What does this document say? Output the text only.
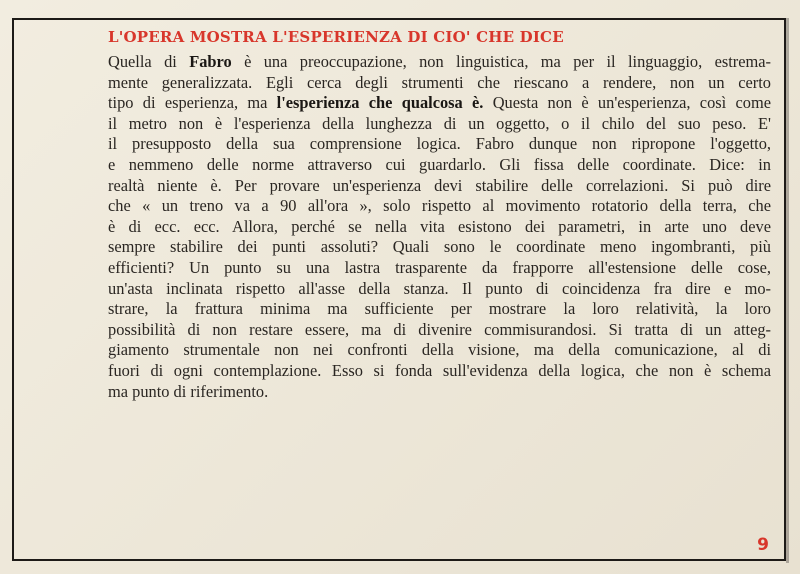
L'OPERA MOSTRA L'ESPERIENZA DI CIO' CHE DICE
Quella di Fabro è una preoccupazione, non linguistica, ma per il linguaggio, estrema-
mente generalizzata. Egli cerca degli strumenti che riescano a rendere, non un certo
tipo di esperienza, ma l'esperienza che qualcosa è. Questa non è un'esperienza, così come
il metro non è l'esperienza della lunghezza di un oggetto, o il chilo del suo peso. E'
il presupposto della sua comprensione logica. Fabro dunque non ripropone l'oggetto,
e nemmeno delle norme attraverso cui guardarlo. Gli fissa delle coordinate. Dice: in
realtà niente è. Per provare un'esperienza devi stabilire delle correlazioni. Si può dire
che « un treno va a 90 all'ora », solo rispetto al movimento rotatorio della terra, che
è di ecc. ecc. Allora, perché se nella vita esistono dei parametri, in arte uno deve
sempre stabilire dei punti assoluti? Quali sono le coordinate meno ingombranti, più
efficienti? Un punto su una lastra trasparente da frapporre all'estensione delle cose,
un'asta inclinata rispetto all'asse della stanza. Il punto di coincidenza fra dire e mo-
strare, la frattura minima ma sufficiente per mostrare la loro relatività, la loro
possibilità di non restare essere, ma di divenire commisurandosi. Si tratta di un atteg-
giamento strumentale non nei confronti della visione, ma della comunicazione, al di
fuori di ogni contemplazione. Esso si fonda sull'evidenza della logica, che non è schema
ma punto di riferimento.
9
